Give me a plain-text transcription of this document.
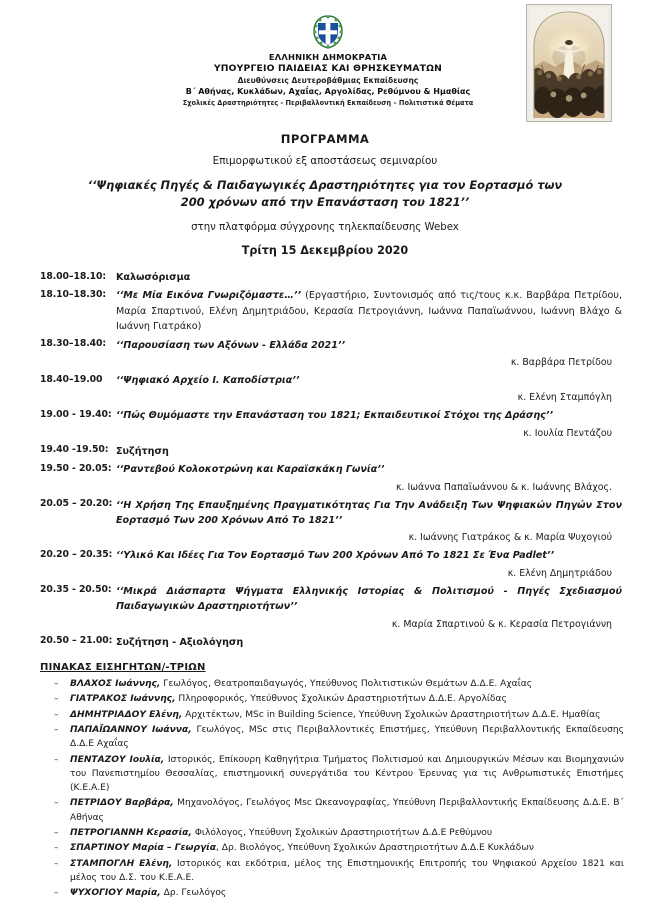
ΕΛΛΗΝΙΚΗ ΔΗΜΟΚΡΑΤΙΑ
ΥΠΟΥΡΓΕΙΟ ΠΑΙΔΕΙΑΣ ΚΑΙ ΘΡΗΣΚΕΥΜΑΤΩΝ
Διευθύνσεις Δευτεροβάθμιας Εκπαίδευσης
Β΄ Αθήνας, Κυκλάδων, Αχαΐας, Αργολίδας, Ρεθύμνου & Ημαθίας
Σχολικές Δραστηριότητες - Περιβαλλοντική Εκπαίδευση – Πολιτιστικά Θέματα
ΠΡΟΓΡΑΜΜΑ
Επιμορφωτικού εξ αποστάσεως σεμιναρίου
‘‘Ψηφιακές Πηγές & Παιδαγωγικές Δραστηριότητες για τον Εορτασμό των 200 χρόνων από την Επανάσταση του 1821’’
στην πλατφόρμα σύγχρονης τηλεκπαίδευσης Webex
Τρίτη 15 Δεκεμβρίου 2020
18.00–18.10:	Καλωσόρισμα
18.10–18.30:	‘‘Με Μία Εικόνα Γνωριζόμαστε…’’ (Εργαστήριο, Συντονισμός από τις/τους κ.κ. Βαρβάρα Πετρίδου, Μαρία Σπαρτινού, Ελένη Δημητριάδου, Κερασία Πετρογιάννη, Ιωάννα Παπαϊωάννου, Ιωάννη Βλάχο & Ιωάννη Γιατράκο)
18.30–18.40:	‘‘Παρουσίαση των Αξόνων - Ελλάδα 2021’’
κ. Βαρβάρα Πετρίδου
18.40–19.00	‘‘Ψηφιακό Αρχείο Ι. Καποδίστρια’’
κ. Ελένη Σταμπόγλη
19.00 - 19.40: ‘‘Πώς Θυμόμαστε την Επανάσταση του 1821; Εκπαιδευτικοί Στόχοι της Δράσης’’
κ. Ιουλία Πεντάζου
19.40 -19.50: Συζήτηση
19.50 - 20.05: ‘‘Ραντεβού Κολοκοτρώνη και Καραϊσκάκη Γωνία’’
κ. Ιωάννα Παπαϊωάννου & κ. Ιωάννης Βλάχος.
20.05 – 20.20: ‘‘Η Χρήση Της Επαυξημένης Πραγματικότητας Για Την Ανάδειξη Των Ψηφιακών Πηγών Στον Εορτασμό Των 200 Χρόνων Από Το 1821’’
κ. Ιωάννης Γιατράκος & κ. Μαρία Ψυχογιού
20.20 – 20.35: ‘‘Υλικό Και Ιδέες Για Τον Εορτασμό Των 200 Χρόνων Από Το 1821 Σε Ένα Padlet’’
κ. Ελένη Δημητριάδου
20.35 - 20.50: ‘‘Μικρά Διάσπαρτα Ψήγματα Ελληνικής Ιστορίας & Πολιτισμού - Πηγές Σχεδιασμού Παιδαγωγικών Δραστηριοτήτων’’
κ. Μαρία Σπαρτινού & κ. Κερασία Πετρογιάννη
20.50 – 21.00: Συζήτηση - Αξιολόγηση
ΠΙΝΑΚΑΣ ΕΙΣΗΓΗΤΩΝ/-ΤΡΙΩΝ
– ΒΛΑΧΟΣ Ιωάννης, Γεωλόγος, Θεατροπαιδαγωγός, Υπεύθυνος Πολιτιστικών Θεμάτων Δ.Δ.Ε. Αχαΐας
– ΓΙΑΤΡΑΚΟΣ Ιωάννης, Πληροφορικός, Υπεύθυνος Σχολικών Δραστηριοτήτων Δ.Δ.Ε. Αργολίδας
– ΔΗΜΗΤΡΙΑΔΟΥ Ελένη, Αρχιτέκτων, MSc in Building Science, Υπεύθυνη Σχολικών Δραστηριοτήτων Δ.Δ.Ε. Ημαθίας
– ΠΑΠΑΪΩΑΝΝΟΥ Ιωάννα, Γεωλόγος, MSc στις Περιβαλλοντικές Επιστήμες, Υπεύθυνη Περιβαλλοντικής Εκπαίδευσης Δ.Δ.Ε Αχαΐας
– ΠΕΝΤΑΖΟΥ Ιουλία, Ιστορικός, Επίκουρη Καθηγήτρια Τμήματος Πολιτισμού και Δημιουργικών Μέσων και Βιομηχανιών του Πανεπιστημίου Θεσσαλίας, επιστημονική συνεργάτιδα του Κέντρου Έρευνας για τις Ανθρωπιστικές Επιστήμες (Κ.Ε.Α.Ε)
– ΠΕΤΡΙΔΟΥ Βαρβάρα, Μηχανολόγος, Γεωλόγος Msc Ωκεανογραφίας, Υπεύθυνη Περιβαλλοντικής Εκπαίδευσης Δ.Δ.Ε. Β΄ Αθήνας
– ΠΕΤΡΟΓΙΑΝΝΗ Κερασία, Φιλόλογος, Υπεύθυνη Σχολικών Δραστηριοτήτων Δ.Δ.Ε Ρεθύμνου
– ΣΠΑΡΤΙΝΟΥ Μαρία – Γεωργία, Δρ. Βιολόγος, Υπεύθυνη Σχολικών Δραστηριοτήτων Δ.Δ.Ε Κυκλάδων
– ΣΤΑΜΠΟΓΛΗ Ελένη, Ιστορικός και εκδότρια, μέλος της Επιστημονικής Επιτροπής του Ψηφιακού Αρχείου 1821 και μέλος του Δ.Σ. του Κ.Ε.Α.Ε.
– ΨΥΧΟΓΙΟΥ Μαρία, Δρ. Γεωλόγος
